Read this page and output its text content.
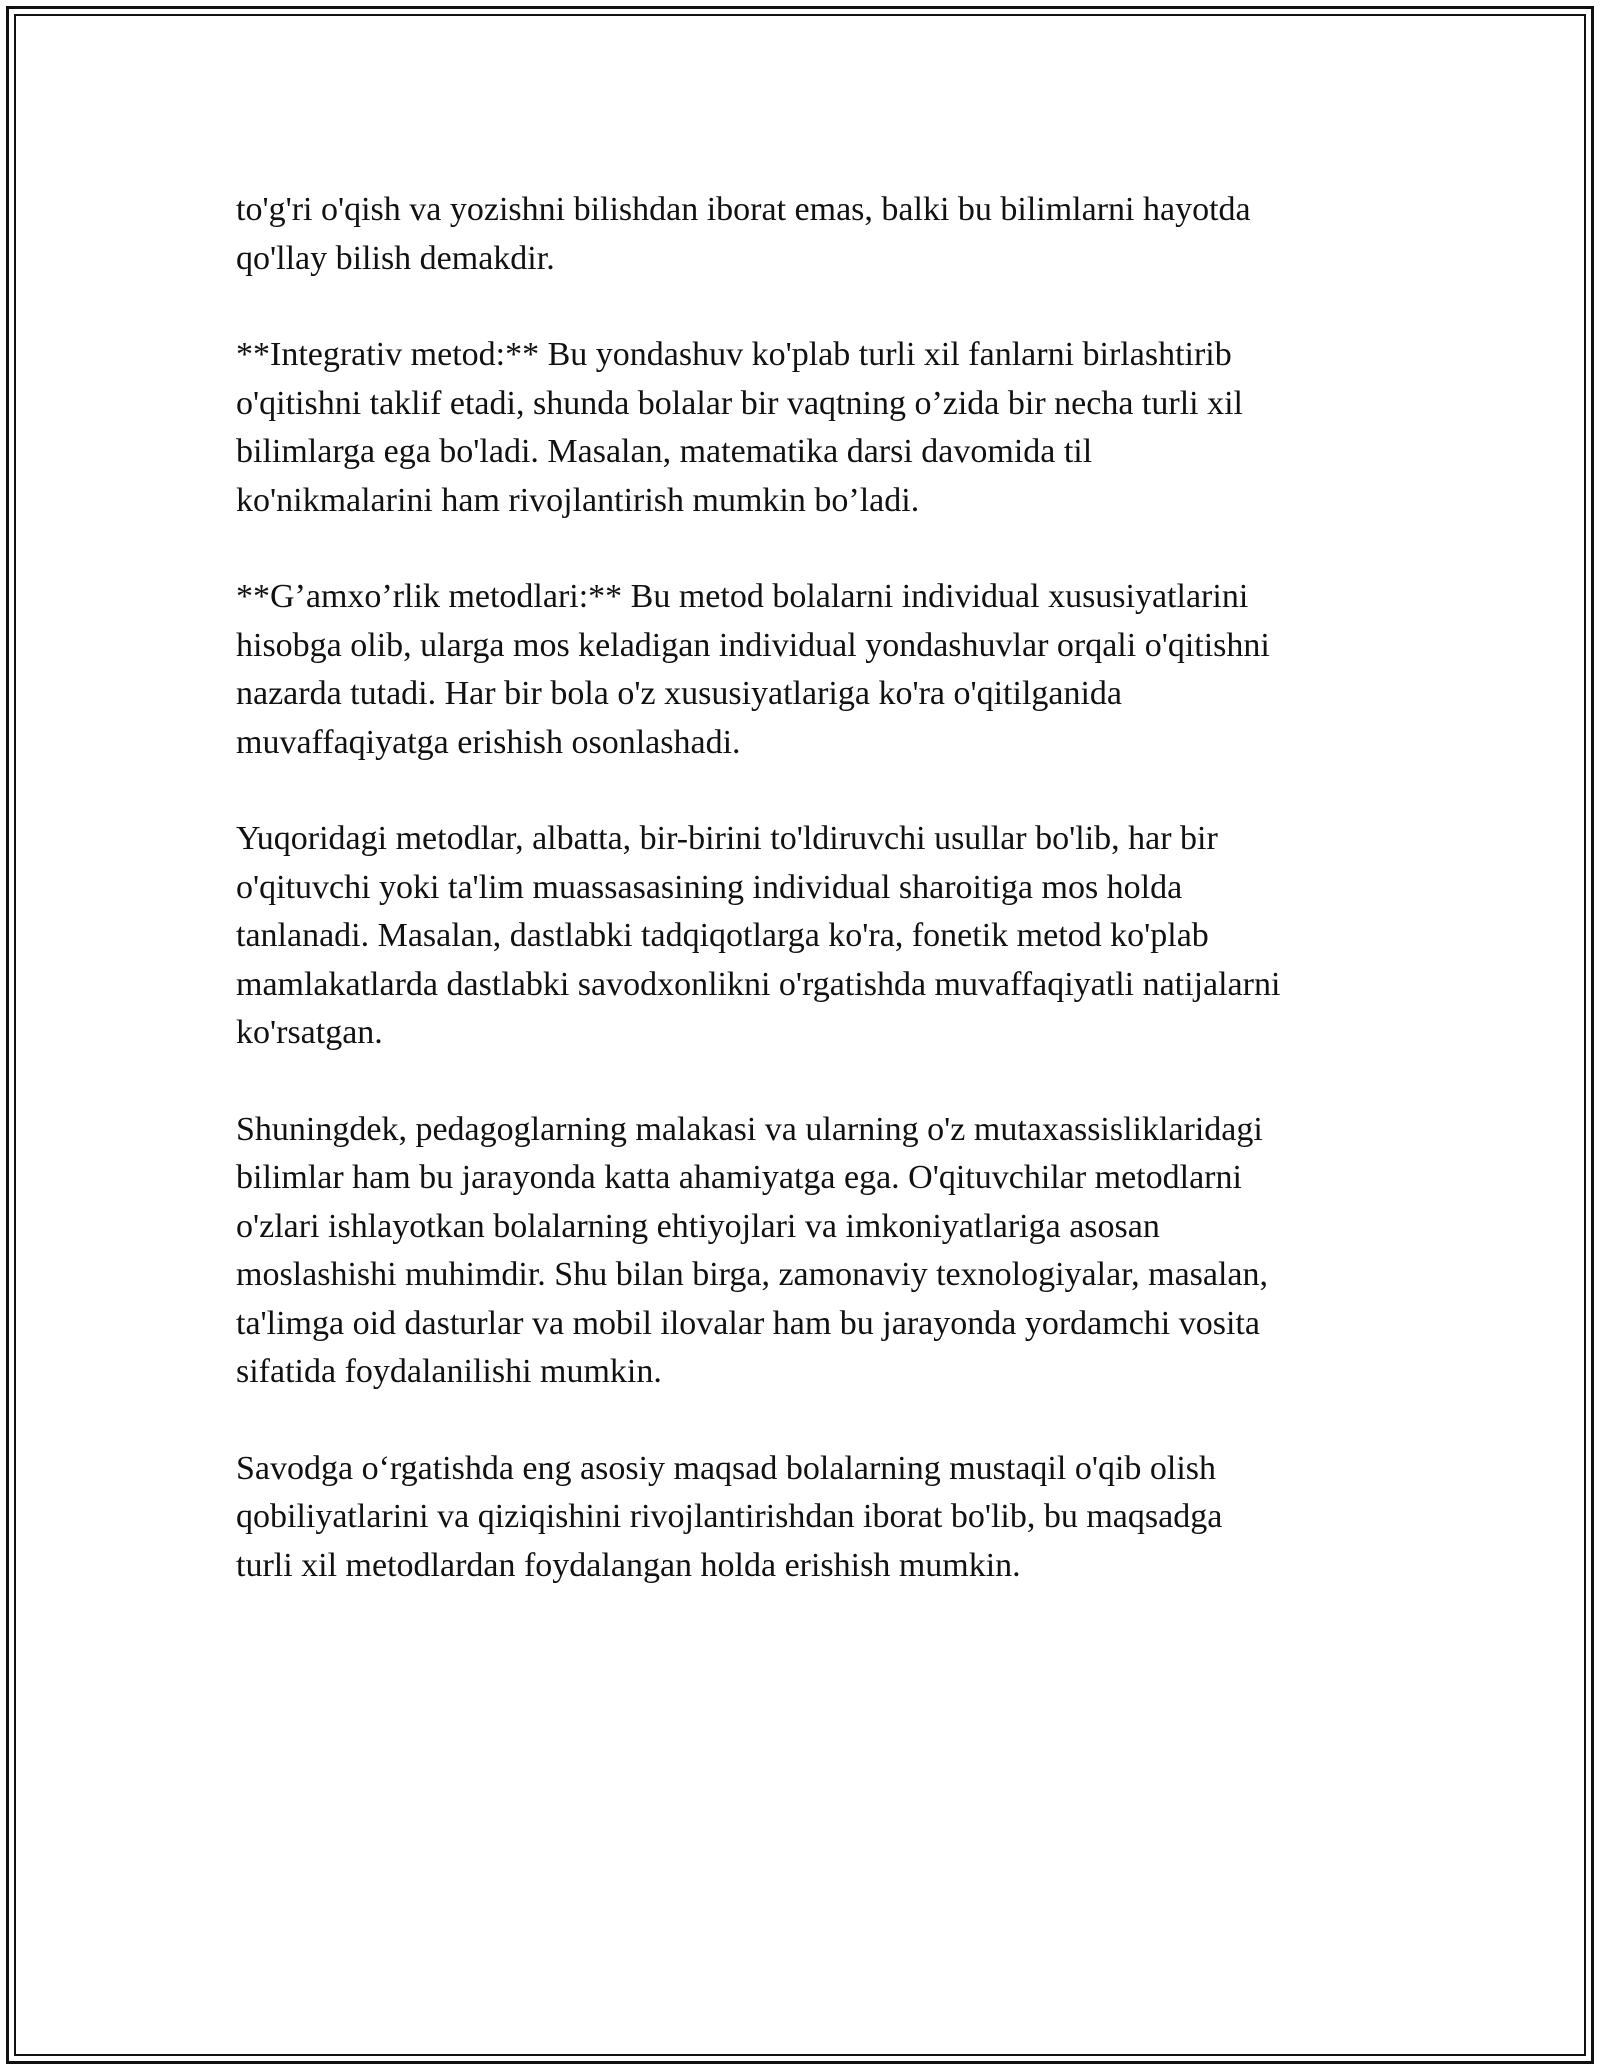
to'g'ri o'qish va yozishni bilishdan iborat emas, balki bu bilimlarni hayotda
qo'llay bilish demakdir.

**Integrativ metod:** Bu yondashuv ko'plab turli xil fanlarni birlashtirib
o'qitishni taklif etadi, shunda bolalar bir vaqtning o’zida bir necha turli xil
bilimlarga ega bo'ladi. Masalan, matematika darsi davomida til
ko'nikmalarini ham rivojlantirish mumkin bo’ladi.

**G’amxo’rlik metodlari:** Bu metod bolalarni individual xususiyatlarini
hisobga olib, ularga mos keladigan individual yondashuvlar orqali o'qitishni
nazarda tutadi. Har bir bola o'z xususiyatlariga ko'ra o'qitilganida
muvaffaqiyatga erishish osonlashadi.

Yuqoridagi metodlar, albatta, bir-birini to'ldiruvchi usullar bo'lib, har bir
o'qituvchi yoki ta'lim muassasasining individual sharoitiga mos holda
tanlanadi. Masalan, dastlabki tadqiqotlarga ko'ra, fonetik metod ko'plab
mamlakatlarda dastlabki savodxonlikni o'rgatishda muvaffaqiyatli natijalarni
ko'rsatgan.

Shuningdek, pedagoglarning malakasi va ularning o'z mutaxassisliklaridagi
bilimlar ham bu jarayonda katta ahamiyatga ega. O'qituvchilar metodlarni
o'zlari ishlayotkan bolalarning ehtiyojlari va imkoniyatlariga asosan
moslashishi muhimdir. Shu bilan birga, zamonaviy texnologiyalar, masalan,
ta'limga oid dasturlar va mobil ilovalar ham bu jarayonda yordamchi vosita
sifatida foydalanilishi mumkin.

Savodga o‘rgatishda eng asosiy maqsad bolalarning mustaqil o'qib olish
qobiliyatlarini va qiziqishini rivojlantirishdan iborat bo'lib, bu maqsadga
turli xil metodlardan foydalangan holda erishish mumkin.
